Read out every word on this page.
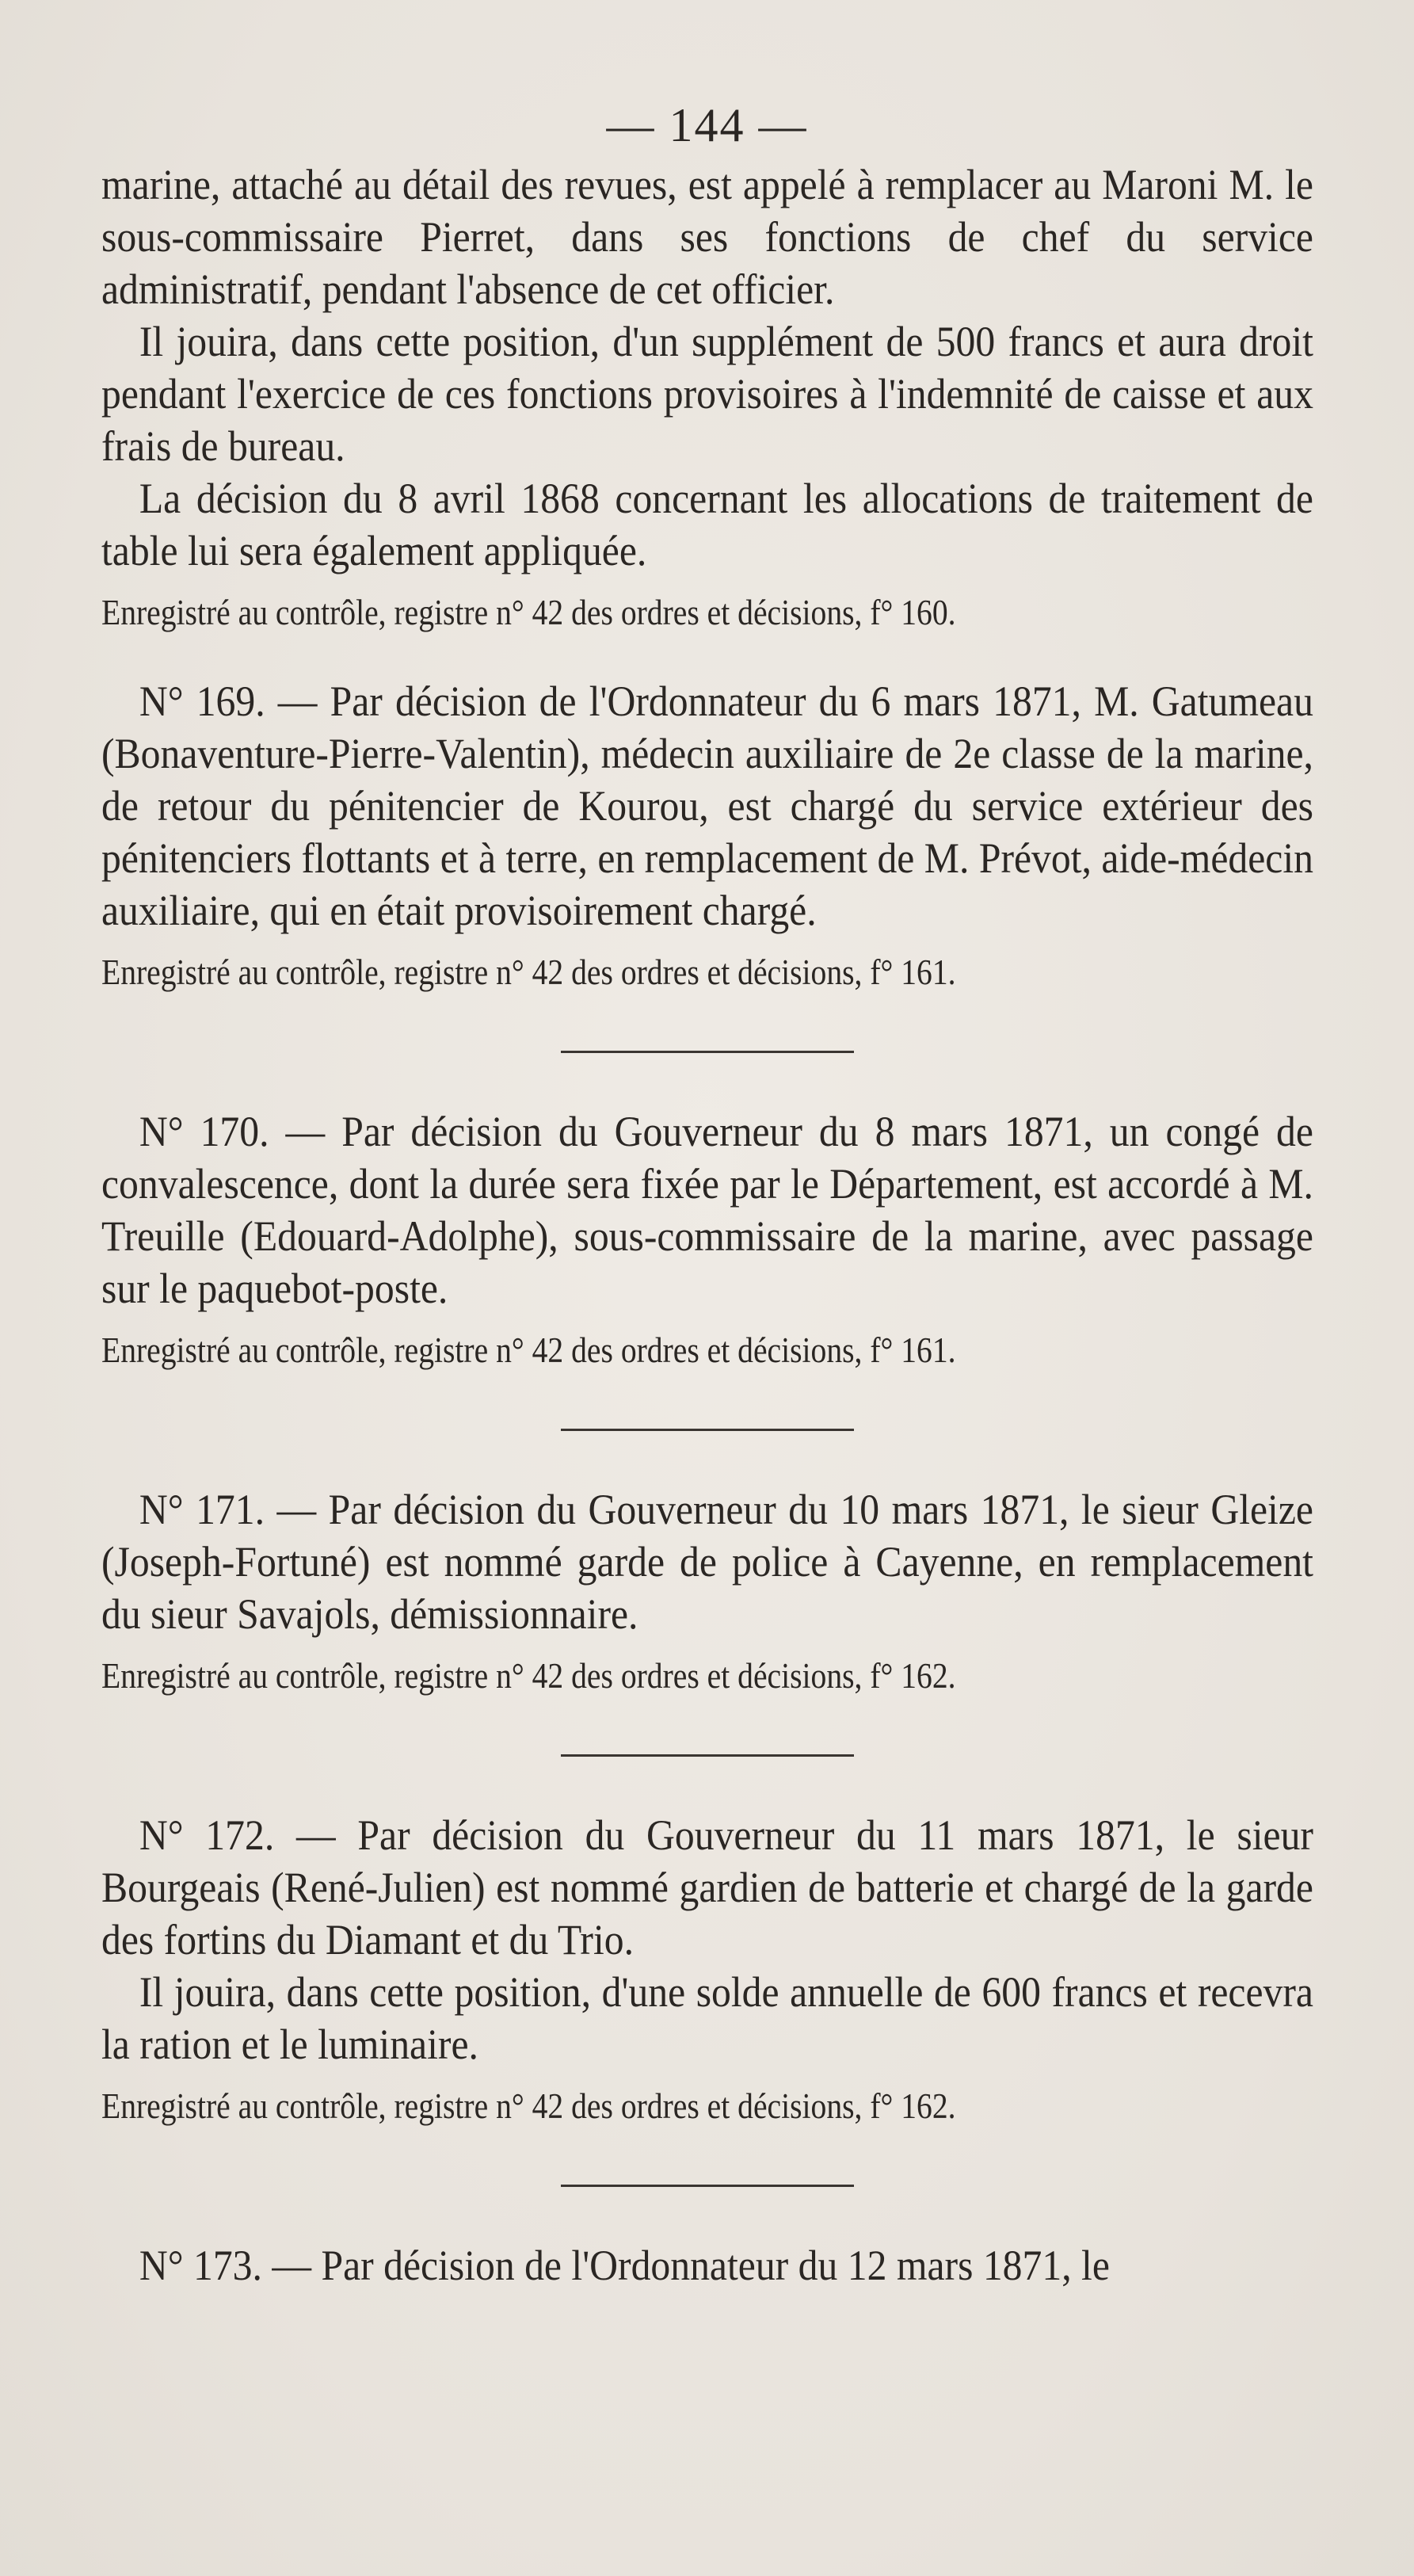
— 144 —

marine, attaché au détail des revues, est appelé à remplacer au Maroni M. le sous-commissaire Pierret, dans ses fonctions de chef du service administratif, pendant l'absence de cet officier.

Il jouira, dans cette position, d'un supplément de 500 francs et aura droit pendant l'exercice de ces fonctions provisoires à l'indemnité de caisse et aux frais de bureau.

La décision du 8 avril 1868 concernant les allocations de traitement de table lui sera également appliquée.

Enregistré au contrôle, registre n° 42 des ordres et décisions, f° 160.

N° 169. — Par décision de l'Ordonnateur du 6 mars 1871, M. Gatumeau (Bonaventure-Pierre-Valentin), médecin auxiliaire de 2e classe de la marine, de retour du pénitencier de Kourou, est chargé du service extérieur des pénitenciers flottants et à terre, en remplacement de M. Prévot, aide-médecin auxiliaire, qui en était provisoirement chargé.

Enregistré au contrôle, registre n° 42 des ordres et décisions, f° 161.

N° 170. — Par décision du Gouverneur du 8 mars 1871, un congé de convalescence, dont la durée sera fixée par le Département, est accordé à M. Treuille (Edouard-Adolphe), sous-commissaire de la marine, avec passage sur le paquebot-poste.

Enregistré au contrôle, registre n° 42 des ordres et décisions, f° 161.

N° 171. — Par décision du Gouverneur du 10 mars 1871, le sieur Gleize (Joseph-Fortuné) est nommé garde de police à Cayenne, en remplacement du sieur Savajols, démissionnaire.

Enregistré au contrôle, registre n° 42 des ordres et décisions, f° 162.

N° 172. — Par décision du Gouverneur du 11 mars 1871, le sieur Bourgeais (René-Julien) est nommé gardien de batterie et chargé de la garde des fortins du Diamant et du Trio.

Il jouira, dans cette position, d'une solde annuelle de 600 francs et recevra la ration et le luminaire.

Enregistré au contrôle, registre n° 42 des ordres et décisions, f° 162.

N° 173. — Par décision de l'Ordonnateur du 12 mars 1871, le
